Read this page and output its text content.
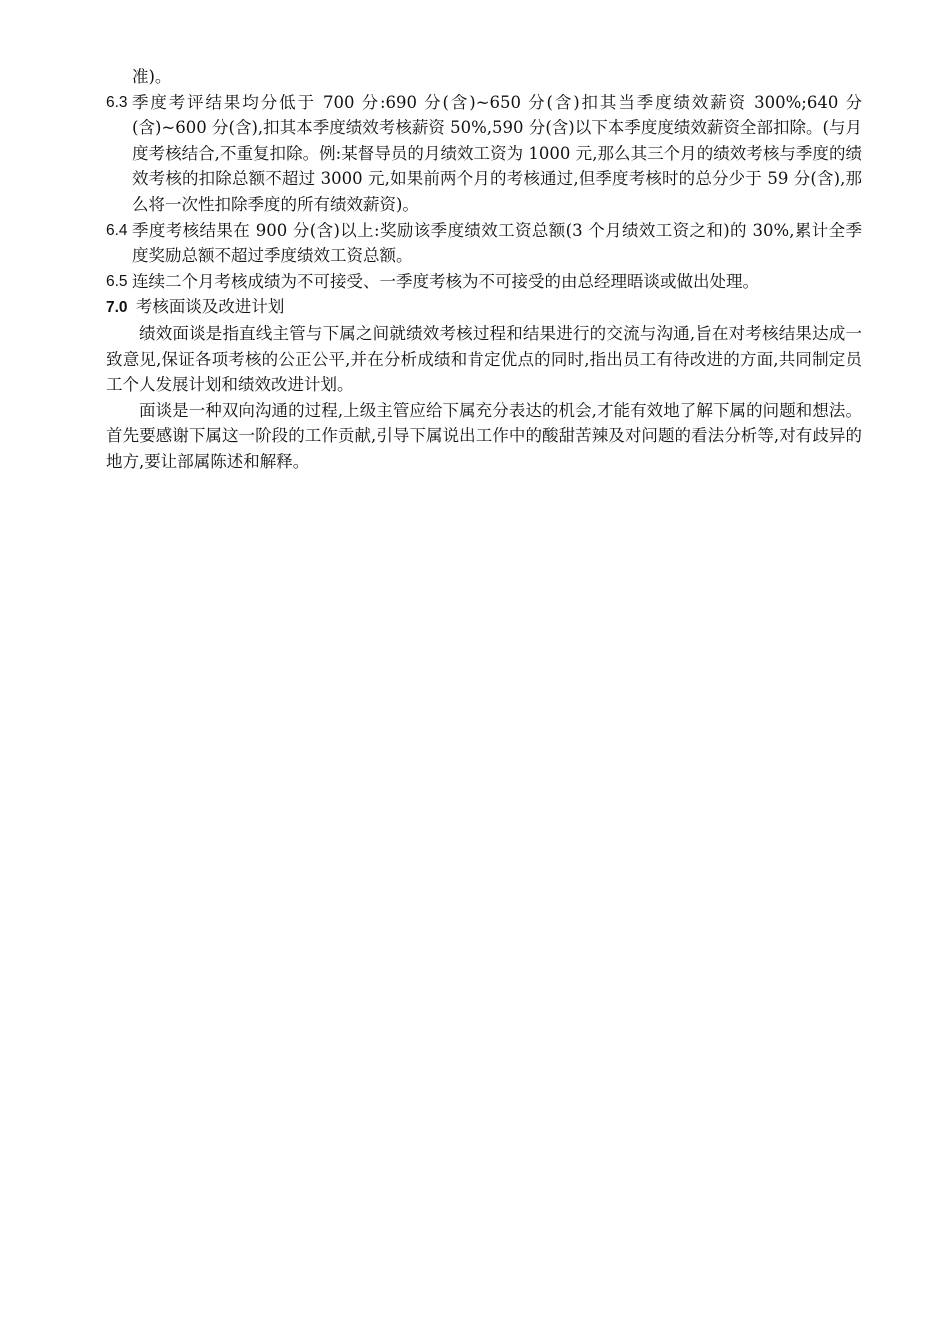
准)。
6.3 季度考评结果均分低于 700 分:690 分(含)~650 分(含)扣其当季度绩效薪资 300%;640 分(含)~600 分(含),扣其本季度绩效考核薪资 50%,590 分(含)以下本季度度绩效薪资全部扣除。(与月度考核结合,不重复扣除。例:某督导员的月绩效工资为 1000 元,那么其三个月的绩效考核与季度的绩效考核的扣除总额不超过 3000 元,如果前两个月的考核通过,但季度考核时的总分少于 59 分(含),那么将一次性扣除季度的所有绩效薪资)。
6.4 季度考核结果在 900 分(含)以上:奖励该季度绩效工资总额(3 个月绩效工资之和)的 30%,累计全季度奖励总额不超过季度绩效工资总额。
6.5 连续二个月考核成绩为不可接受、一季度考核为不可接受的由总经理晤谈或做出处理。
7.0 考核面谈及改进计划
绩效面谈是指直线主管与下属之间就绩效考核过程和结果进行的交流与沟通,旨在对考核结果达成一致意见,保证各项考核的公正公平,并在分析成绩和肯定优点的同时,指出员工有待改进的方面,共同制定员工个人发展计划和绩效改进计划。
面谈是一种双向沟通的过程,上级主管应给下属充分表达的机会,才能有效地了解下属的问题和想法。首先要感谢下属这一阶段的工作贡献,引导下属说出工作中的酸甜苦辣及对问题的看法分析等,对有歧异的地方,要让部属陈述和解释。
